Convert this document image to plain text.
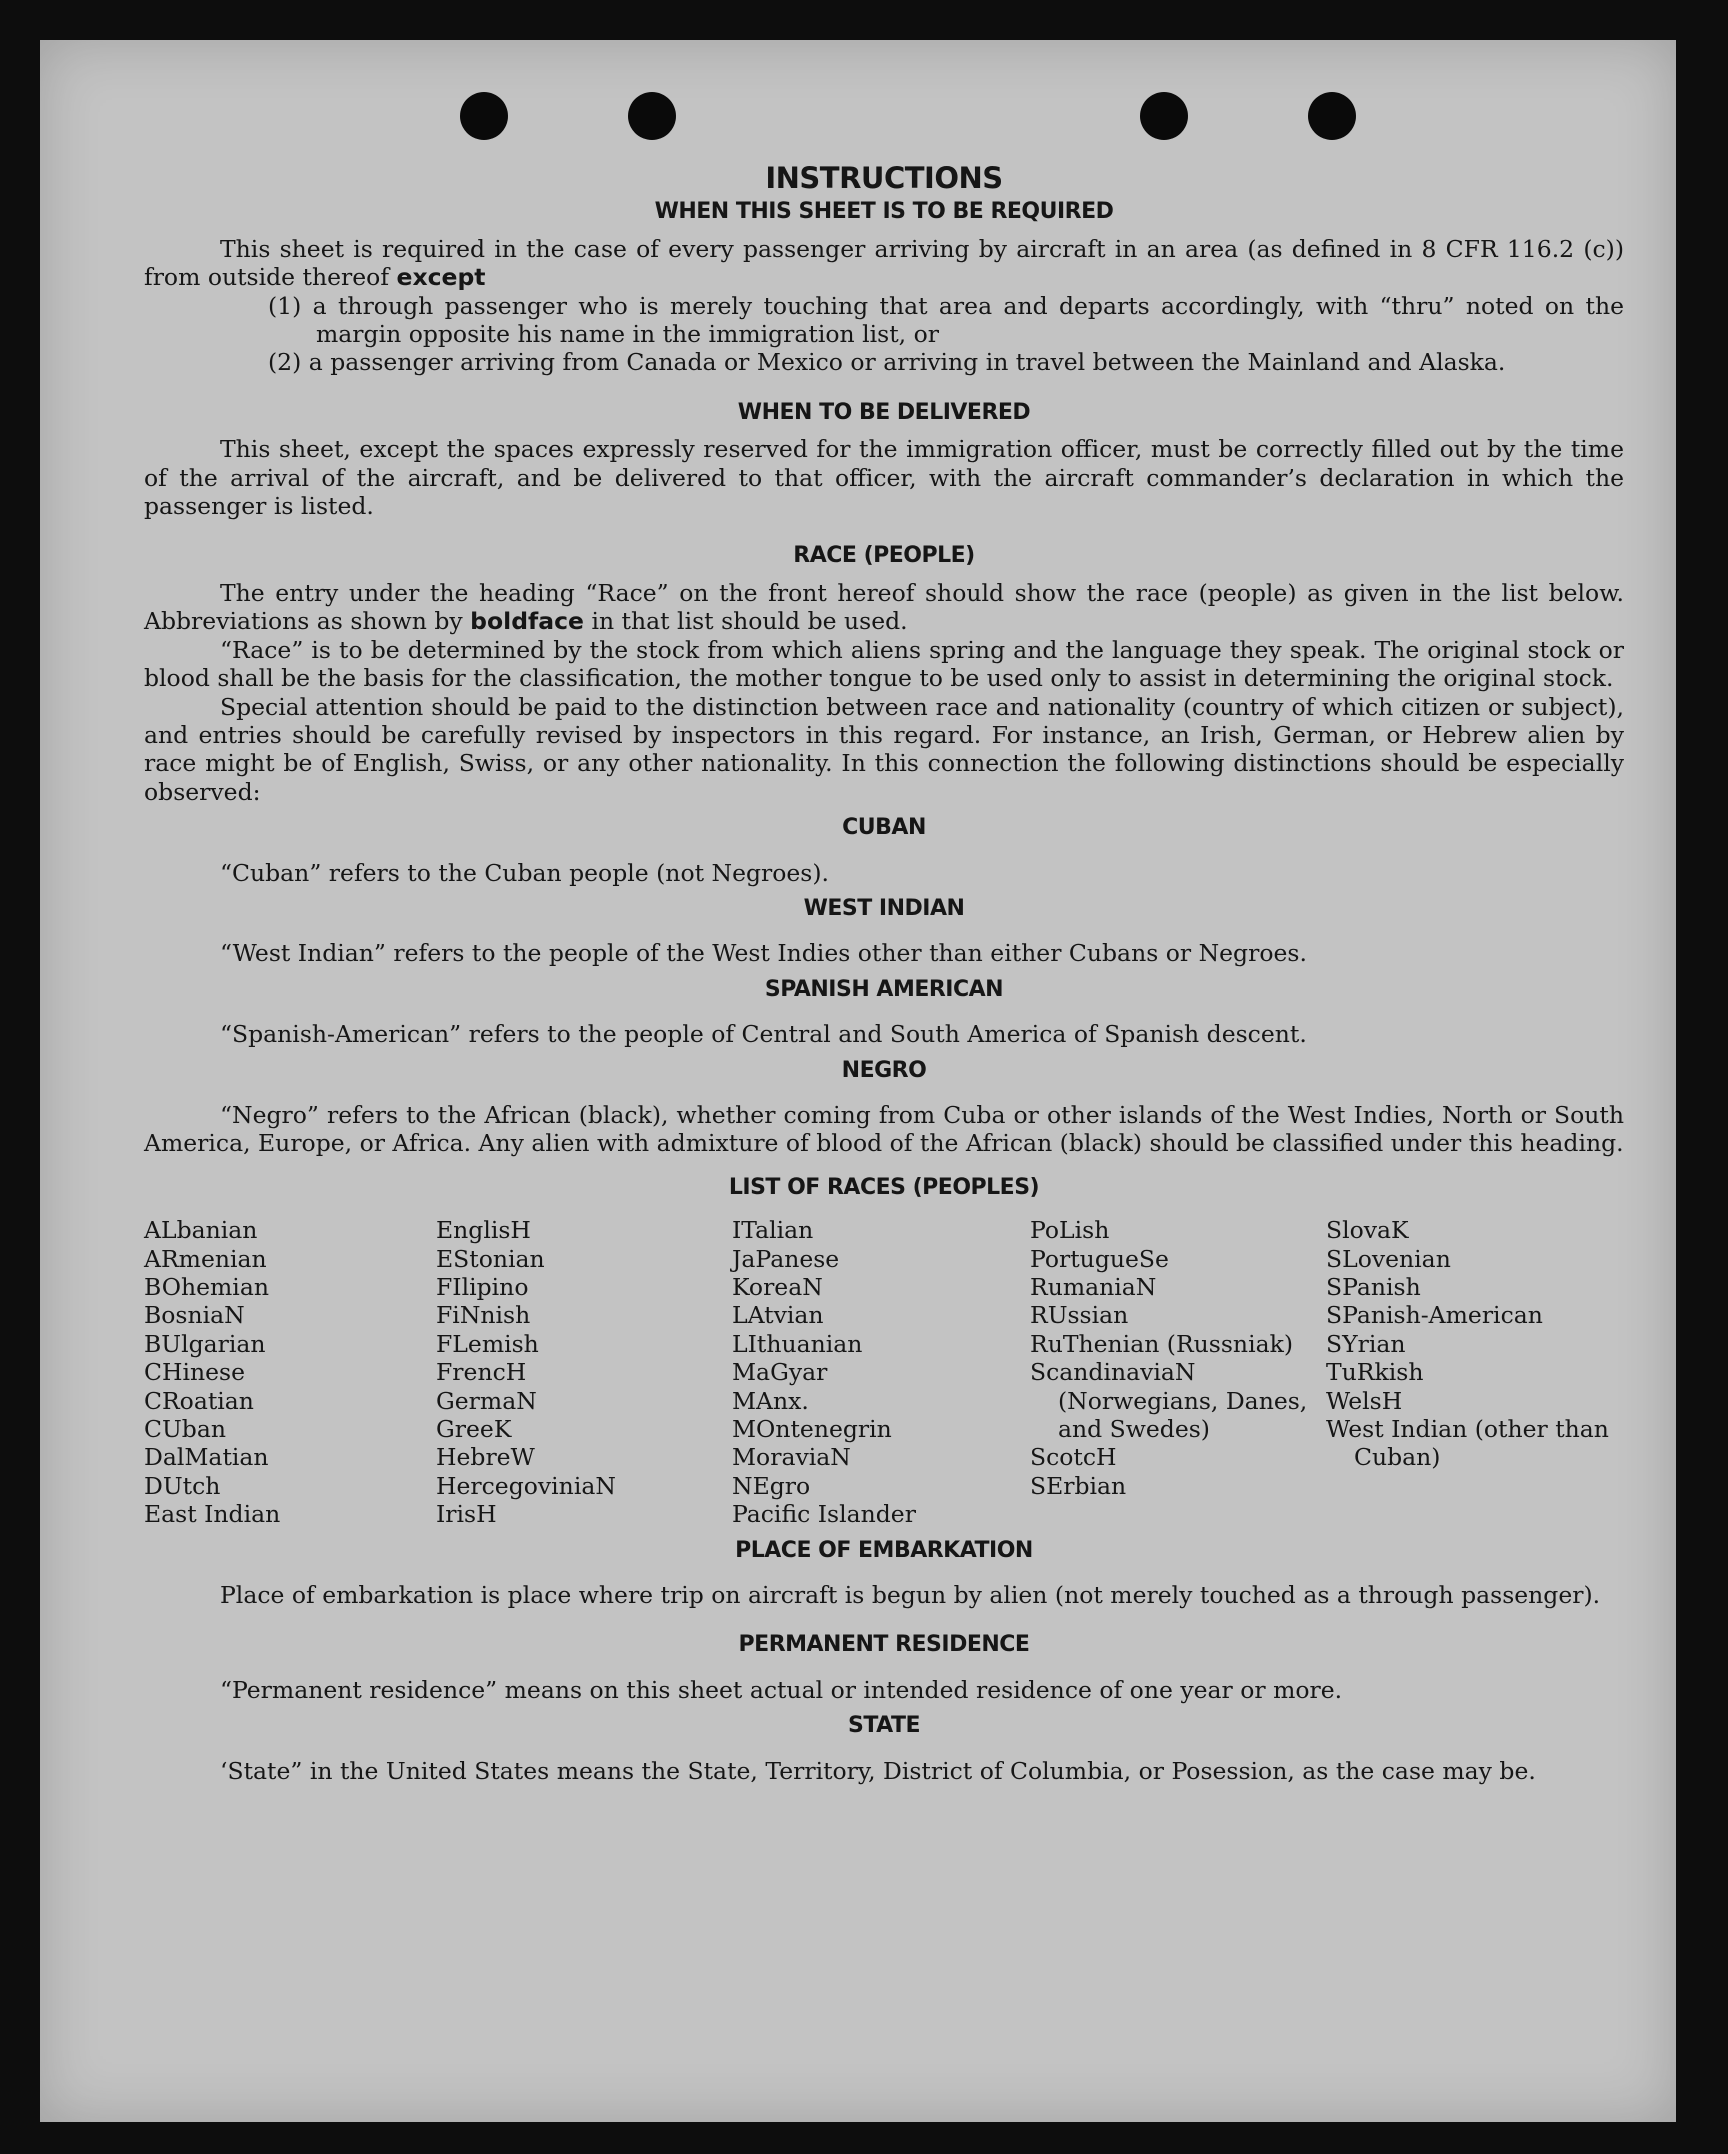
INSTRUCTIONS
WHEN THIS SHEET IS TO BE REQUIRED

This sheet is required in the case of every passenger arriving by aircraft in an area (as defined in 8 CFR 116.2 (c)) from outside thereof except

(1) a through passenger who is merely touching that area and departs accordingly, with “thru” noted on the margin opposite his name in the immigration list, or

(2) a passenger arriving from Canada or Mexico or arriving in travel between the Mainland and Alaska.

WHEN TO BE DELIVERED

This sheet, except the spaces expressly reserved for the immigration officer, must be correctly filled out by the time of the arrival of the aircraft, and be delivered to that officer, with the aircraft commander’s declaration in which the passenger is listed.

RACE (PEOPLE)

The entry under the heading “Race” on the front hereof should show the race (people) as given in the list below. Abbreviations as shown by boldface in that list should be used.

“Race” is to be determined by the stock from which aliens spring and the language they speak. The original stock or blood shall be the basis for the classification, the mother tongue to be used only to assist in determining the original stock.

Special attention should be paid to the distinction between race and nationality (country of which citizen or subject), and entries should be carefully revised by inspectors in this regard. For instance, an Irish, German, or Hebrew alien by race might be of English, Swiss, or any other nationality. In this connection the following distinctions should be especially observed:

CUBAN

“Cuban” refers to the Cuban people (not Negroes).

WEST INDIAN

“West Indian” refers to the people of the West Indies other than either Cubans or Negroes.

SPANISH AMERICAN

“Spanish-American” refers to the people of Central and South America of Spanish descent.

NEGRO

“Negro” refers to the African (black), whether coming from Cuba or other islands of the West Indies, North or South America, Europe, or Africa. Any alien with admixture of blood of the African (black) should be classified under this heading.

LIST OF RACES (PEOPLES)
ALbanian
ARmenian
BOhemian
BosniaN
BUlgarian
CHinese
CRoatian
CUban
DalMatian
DUtch
East Indian
EnglisH
EStonian
FIlipino
FiNnish
FLemish
FrencH
GermaN
GreeK
HebreW
HercegoviniaN
IrisH
ITalian
JaPanese
KoreaN
LAtvian
LIthuanian
MaGyar
MAnx.
MOntenegrin
MoraviaN
NEgro
Pacific Islander
PoLish
PortugueSe
RumaniaN
RUssian
RuThenian (Russniak)
ScandinaviaN (Norwegians, Danes, and Swedes)
ScotcH
SErbian
SlovaK
SLovenian
SPanish
SPanish-American
SYrian
TuRkish
WelsH
West Indian (other than Cuban)
PLACE OF EMBARKATION

Place of embarkation is place where trip on aircraft is begun by alien (not merely touched as a through passenger).

PERMANENT RESIDENCE

“Permanent residence” means on this sheet actual or intended residence of one year or more.

STATE

‘State” in the United States means the State, Territory, District of Columbia, or Posession, as the case may be.
